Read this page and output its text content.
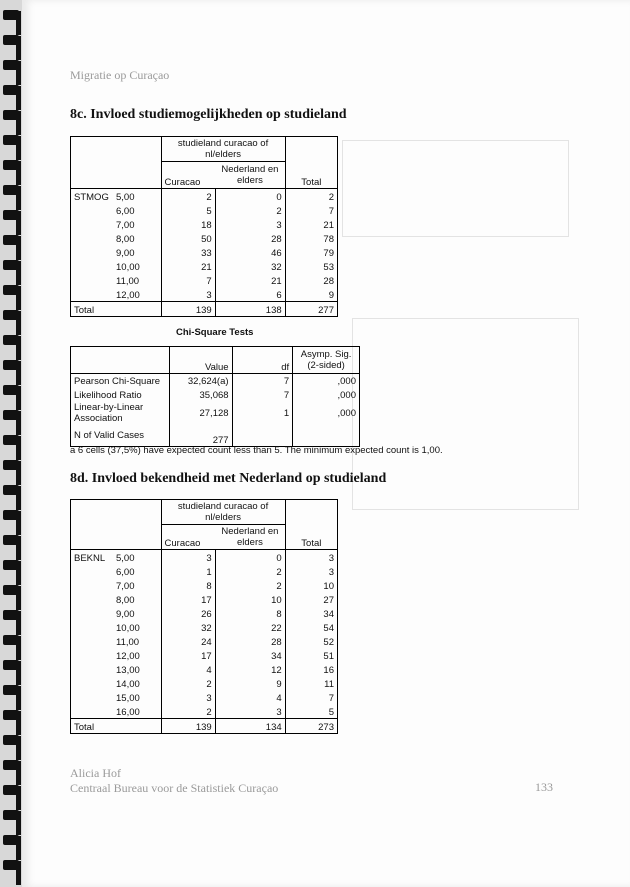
Migratie op Curaçao
8c. Invloed studiemogelijkheden op studieland
	studieland curacao of nl/elders		
	Curacao	Nederland en elders	Total
STMOG 5,00	2	0	2
6,00	5	2	7
7,00	18	3	21
8,00	50	28	78
9,00	33	46	79
10,00	21	32	53
11,00	7	21	28
12,00	3	6	9
Total	139	138	277
Chi-Square Tests
	Value	df	Asymp. Sig. (2-sided)
Pearson Chi-Square	32,624(a)	7	,000
Likelihood Ratio	35,068	7	,000
Linear-by-Linear Association	27,128	1	,000
N of Valid Cases	277		
a 6 cells (37,5%) have expected count less than 5. The minimum expected count is 1,00.
8d. Invloed bekendheid met Nederland op studieland
	studieland curacao of nl/elders		
	Curacao	Nederland en elders	Total
BEKNL 5,00	3	0	3
6,00	1	2	3
7,00	8	2	10
8,00	17	10	27
9,00	26	8	34
10,00	32	22	54
11,00	24	28	52
12,00	17	34	51
13,00	4	12	16
14,00	2	9	11
15,00	3	4	7
16,00	2	3	5
Total	139	134	273
Alicia Hof
Centraal Bureau voor de Statistiek Curaçao	133
